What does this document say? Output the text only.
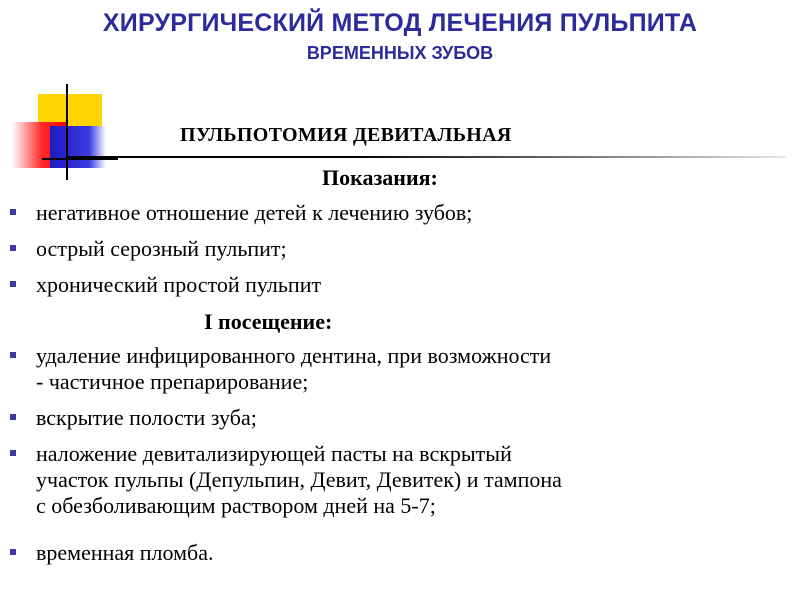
ХИРУРГИЧЕСКИЙ МЕТОД ЛЕЧЕНИЯ ПУЛЬПИТА
ВРЕМЕННЫХ ЗУБОВ
ПУЛЬПОТОМИЯ ДЕВИТАЛЬНАЯ
Показания:
негативное отношение детей к лечению зубов;
острый серозный пульпит;
хронический простой пульпит
I посещение:
удаление инфицированного дентина, при возможности
- частичное препарирование;
вскрытие полости зуба;
наложение девитализирующей пасты на вскрытый
участок пульпы (Депульпин, Девит, Девитек) и тампона
с обезболивающим раствором дней на 5-7;
временная пломба.
